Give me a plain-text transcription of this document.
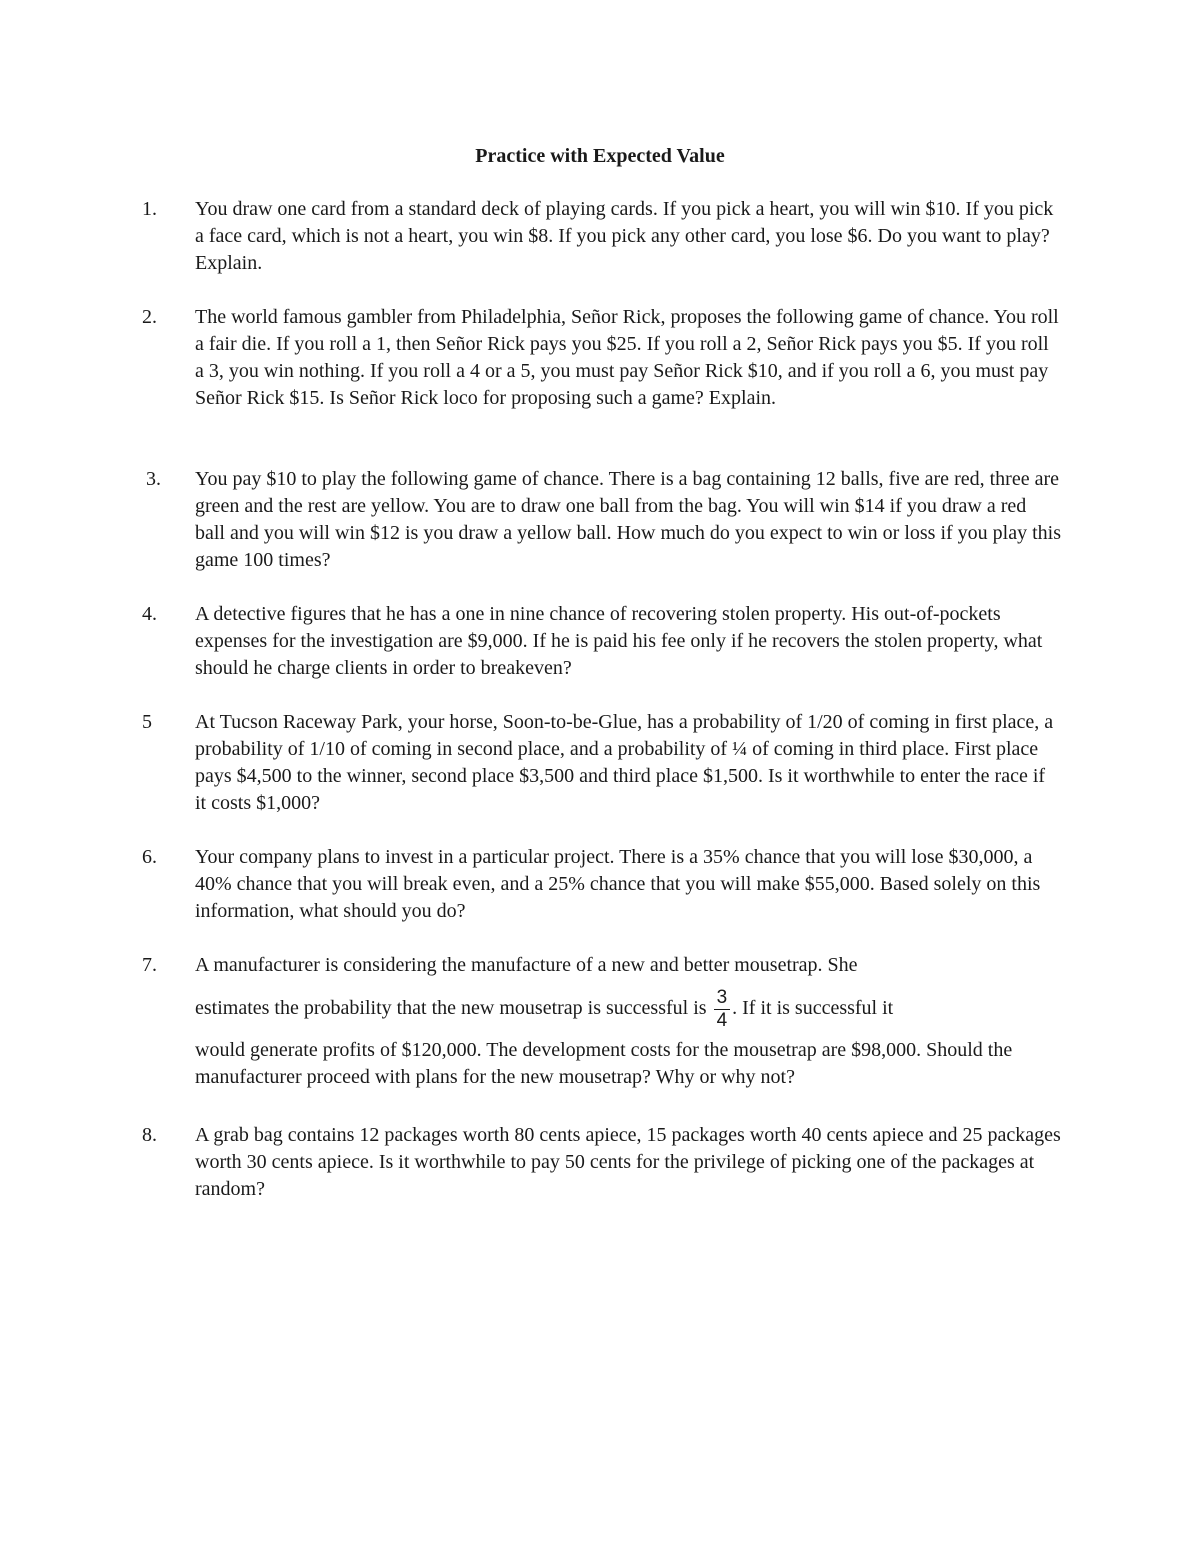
Practice with Expected Value
1.	You draw one card from a standard deck of playing cards. If you pick a heart, you will win $10. If you pick a face card, which is not a heart, you win $8. If you pick any other card, you lose $6. Do you want to play? Explain.
2.	The world famous gambler from Philadelphia, Señor Rick, proposes the following game of chance. You roll a fair die. If you roll a 1, then Señor Rick pays you $25. If you roll a 2, Señor Rick pays you $5. If you roll a 3, you win nothing. If you roll a 4 or a 5, you must pay Señor Rick $10, and if you roll a 6, you must pay Señor Rick $15. Is Señor Rick loco for proposing such a game? Explain.
3.	You pay $10 to play the following game of chance. There is a bag containing 12 balls, five are red, three are green and the rest are yellow. You are to draw one ball from the bag. You will win $14 if you draw a red ball and you will win $12 is you draw a yellow ball. How much do you expect to win or loss if you play this game 100 times?
4.	A detective figures that he has a one in nine chance of recovering stolen property. His out-of-pockets expenses for the investigation are $9,000. If he is paid his fee only if he recovers the stolen property, what should he charge clients in order to breakeven?
5	At Tucson Raceway Park, your horse, Soon-to-be-Glue, has a probability of 1/20 of coming in first place, a probability of 1/10 of coming in second place, and a probability of ¼ of coming in third place. First place pays $4,500 to the winner, second place $3,500 and third place $1,500. Is it worthwhile to enter the race if it costs $1,000?
6.	Your company plans to invest in a particular project. There is a 35% chance that you will lose $30,000, a 40% chance that you will break even, and a 25% chance that you will make $55,000. Based solely on this information, what should you do?
7.	A manufacturer is considering the manufacture of a new and better mousetrap. She
estimates the probability that the new mousetrap is successful is $\frac{3}{4}$ . If it is successful it
would generate profits of $120,000. The development costs for the mousetrap are $98,000. Should the manufacturer proceed with plans for the new mousetrap? Why or why not?
8.	A grab bag contains 12 packages worth 80 cents apiece, 15 packages worth 40 cents apiece and 25 packages worth 30 cents apiece. Is it worthwhile to pay 50 cents for the privilege of picking one of the packages at random?
